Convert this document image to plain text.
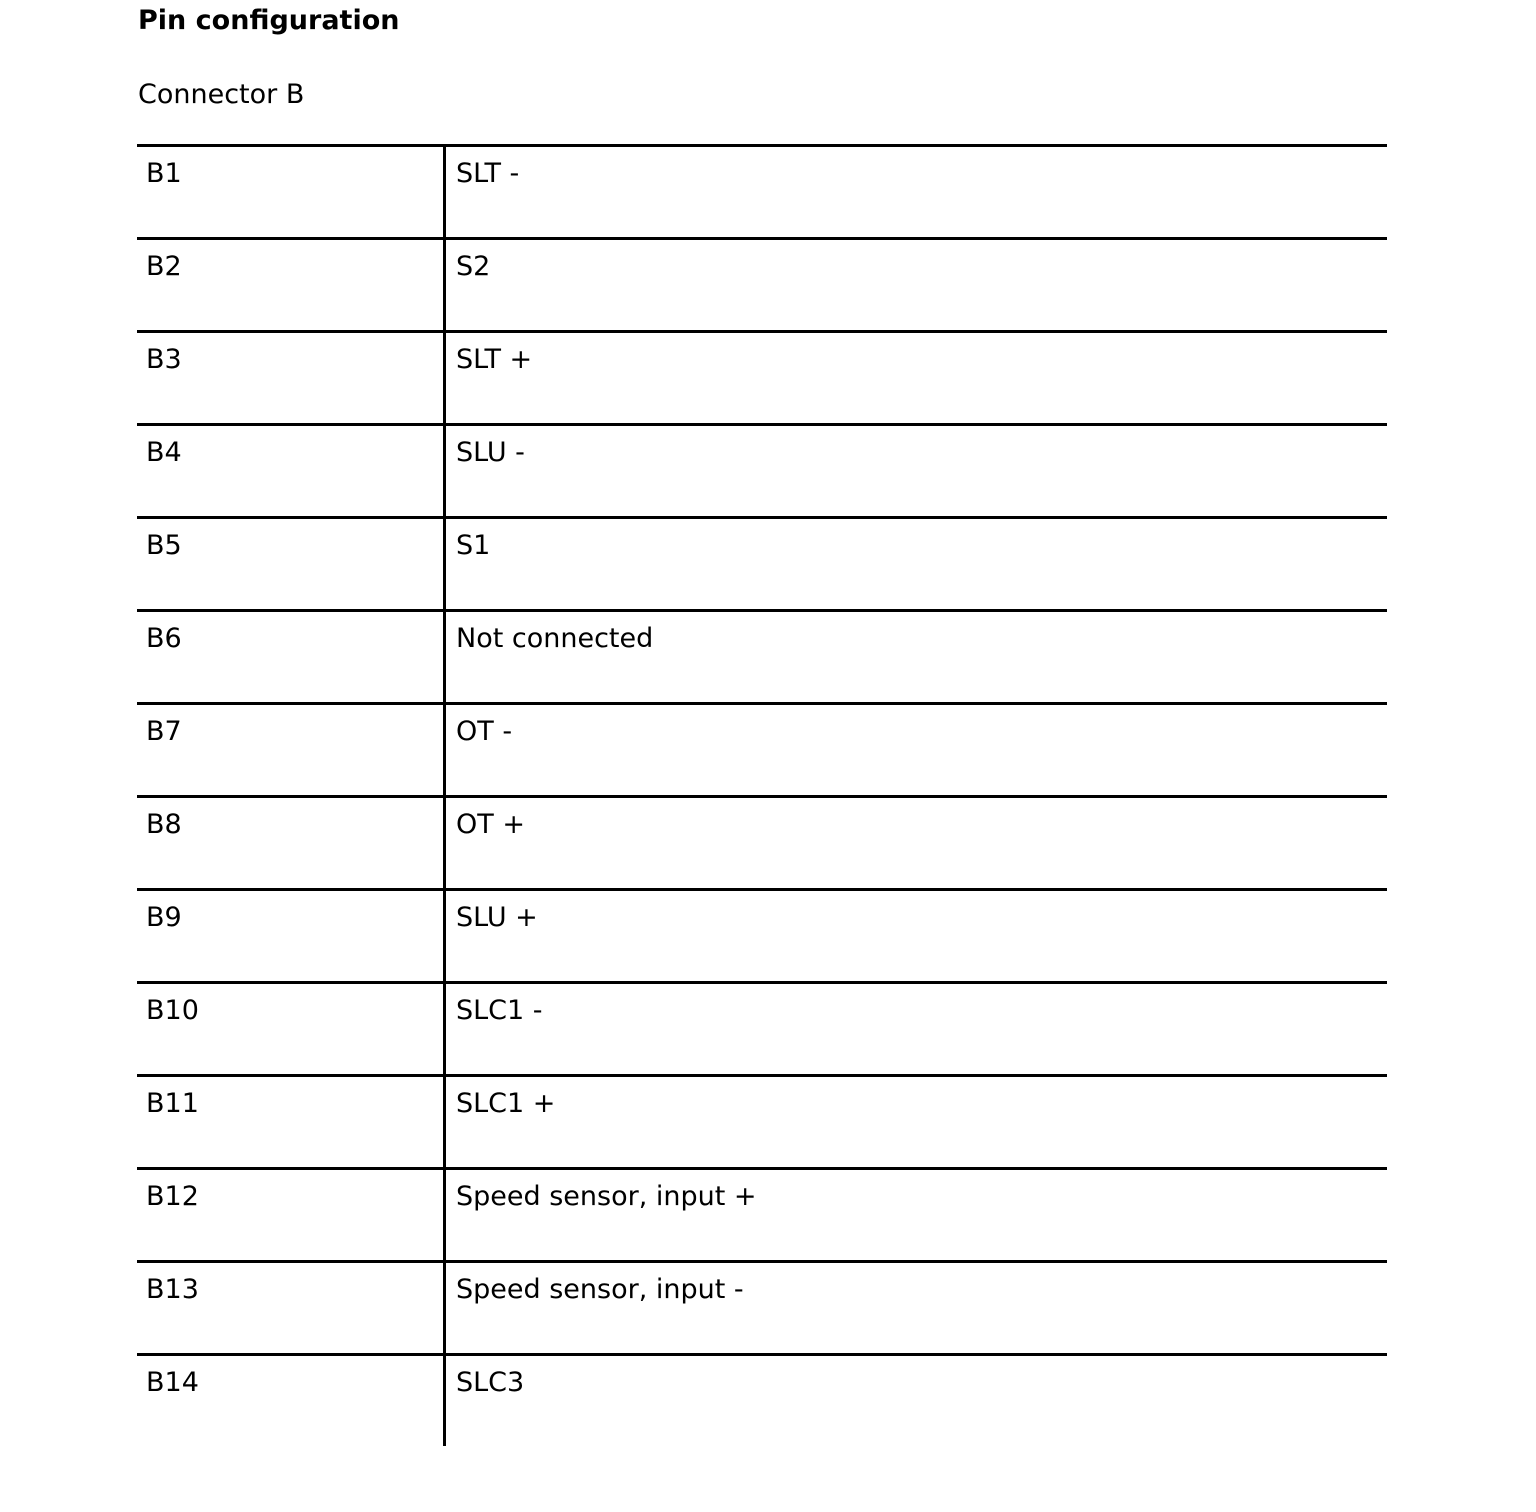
Pin configuration
Connector B
B1	SLT -
B2	S2
B3	SLT +
B4	SLU -
B5	S1
B6	Not connected
B7	OT -
B8	OT +
B9	SLU +
B10	SLC1 -
B11	SLC1 +
B12	Speed sensor, input +
B13	Speed sensor, input -
B14	SLC3
